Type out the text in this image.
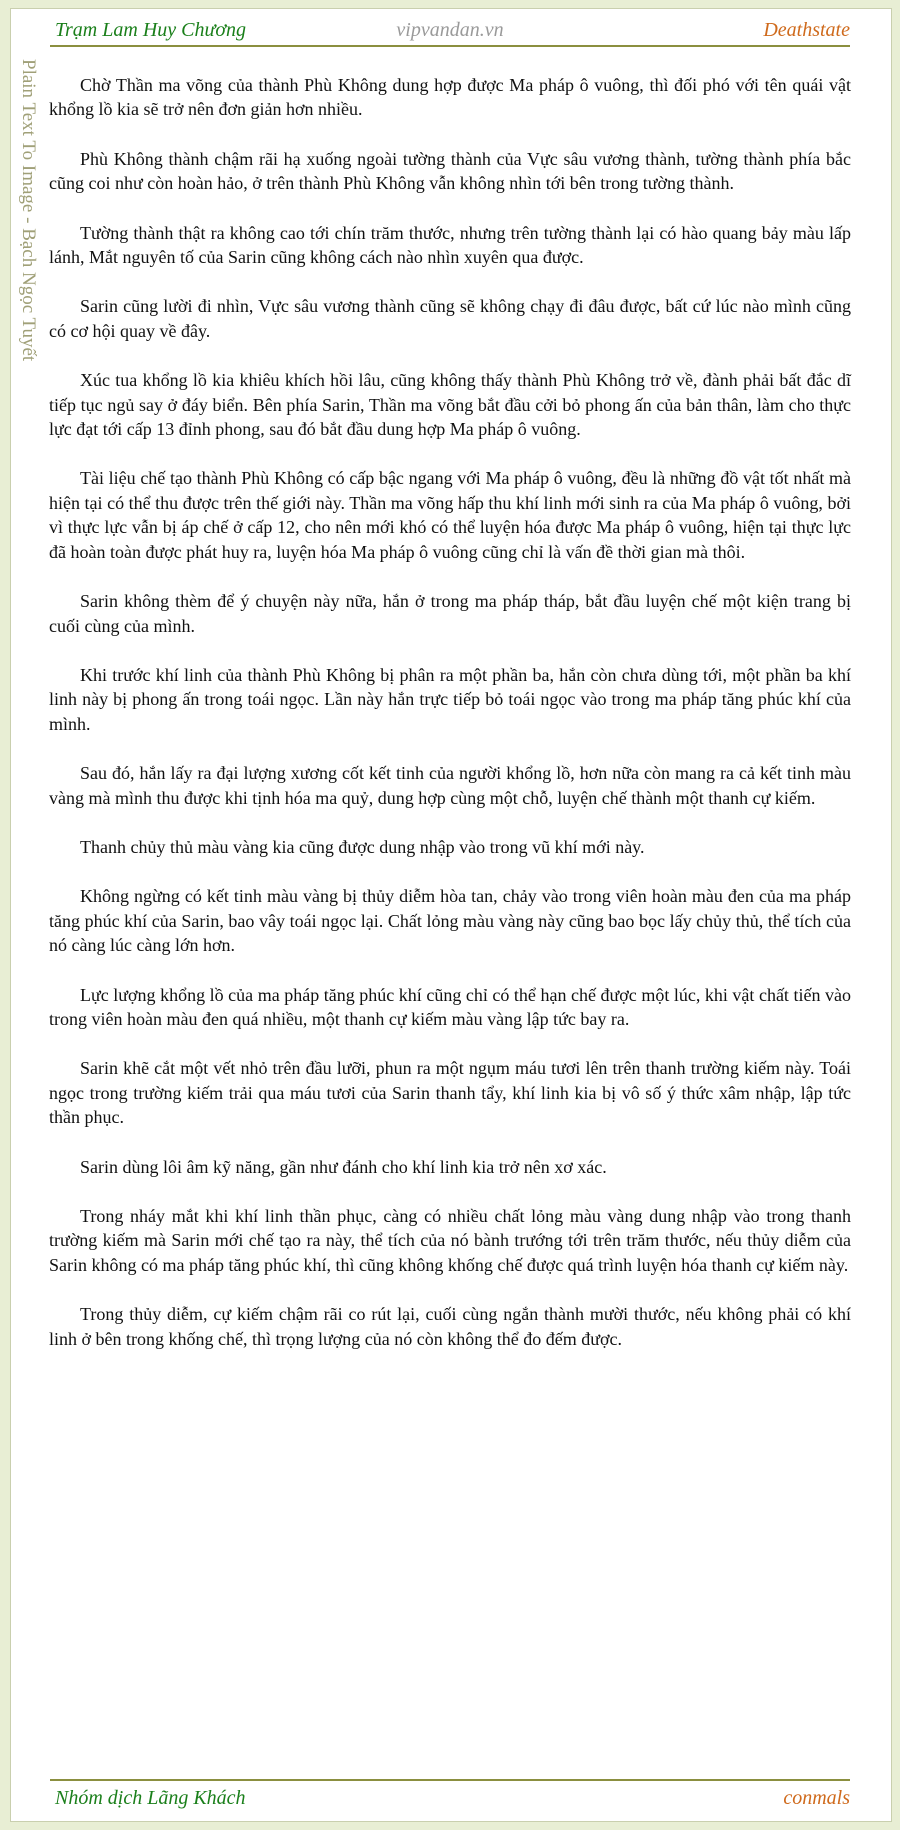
Trạm Lam Huy Chương	vipvandan.vn	Deathstate
Plain Text To Image - Bạch Ngọc Tuyết	Chờ Thần ma võng của thành Phù Không dung hợp được Ma pháp ô vuông, thì đối phó với tên quái vật khổng lồ kia sẽ trở nên đơn giản hơn nhiều.

Phù Không thành chậm rãi hạ xuống ngoài tường thành của Vực sâu vương thành, tường thành phía bắc cũng coi như còn hoàn hảo, ở trên thành Phù Không vẫn không nhìn tới bên trong tường thành.

Tường thành thật ra không cao tới chín trăm thước, nhưng trên tường thành lại có hào quang bảy màu lấp lánh, Mắt nguyên tố của Sarin cũng không cách nào nhìn xuyên qua được.

Sarin cũng lười đi nhìn, Vực sâu vương thành cũng sẽ không chạy đi đâu được, bất cứ lúc nào mình cũng có cơ hội quay về đây.

Xúc tua khổng lồ kia khiêu khích hồi lâu, cũng không thấy thành Phù Không trở về, đành phải bất đắc dĩ tiếp tục ngủ say ở đáy biển. Bên phía Sarin, Thần ma võng bắt đầu cởi bỏ phong ấn của bản thân, làm cho thực lực đạt tới cấp 13 đỉnh phong, sau đó bắt đầu dung hợp Ma pháp ô vuông.

Tài liệu chế tạo thành Phù Không có cấp bậc ngang với Ma pháp ô vuông, đều là những đồ vật tốt nhất mà hiện tại có thể thu được trên thế giới này. Thần ma võng hấp thu khí linh mới sinh ra của Ma pháp ô vuông, bởi vì thực lực vẫn bị áp chế ở cấp 12, cho nên mới khó có thể luyện hóa được Ma pháp ô vuông, hiện tại thực lực đã hoàn toàn được phát huy ra, luyện hóa Ma pháp ô vuông cũng chỉ là vấn đề thời gian mà thôi.

Sarin không thèm để ý chuyện này nữa, hắn ở trong ma pháp tháp, bắt đầu luyện chế một kiện trang bị cuối cùng của mình.

Khi trước khí linh của thành Phù Không bị phân ra một phần ba, hắn còn chưa dùng tới, một phần ba khí linh này bị phong ấn trong toái ngọc. Lần này hắn trực tiếp bỏ toái ngọc vào trong ma pháp tăng phúc khí của mình.

Sau đó, hắn lấy ra đại lượng xương cốt kết tinh của người khổng lồ, hơn nữa còn mang ra cả kết tinh màu vàng mà mình thu được khi tịnh hóa ma quỷ, dung hợp cùng một chỗ, luyện chế thành một thanh cự kiếm.

Thanh chủy thủ màu vàng kia cũng được dung nhập vào trong vũ khí mới này.

Không ngừng có kết tinh màu vàng bị thủy diễm hòa tan, chảy vào trong viên hoàn màu đen của ma pháp tăng phúc khí của Sarin, bao vây toái ngọc lại. Chất lỏng màu vàng này cũng bao bọc lấy chủy thủ, thể tích của nó càng lúc càng lớn hơn.

Lực lượng khổng lồ của ma pháp tăng phúc khí cũng chỉ có thể hạn chế được một lúc, khi vật chất tiến vào trong viên hoàn màu đen quá nhiều, một thanh cự kiếm màu vàng lập tức bay ra.

Sarin khẽ cắt một vết nhỏ trên đầu lưỡi, phun ra một ngụm máu tươi lên trên thanh trường kiếm này. Toái ngọc trong trường kiếm trải qua máu tươi của Sarin thanh tẩy, khí linh kia bị vô số ý thức xâm nhập, lập tức thần phục.

Sarin dùng lôi âm kỹ năng, gần như đánh cho khí linh kia trở nên xơ xác.

Trong nháy mắt khi khí linh thần phục, càng có nhiều chất lỏng màu vàng dung nhập vào trong thanh trường kiếm mà Sarin mới chế tạo ra này, thể tích của nó bành trướng tới trên trăm thước, nếu thủy diễm của Sarin không có ma pháp tăng phúc khí, thì cũng không khống chế được quá trình luyện hóa thanh cự kiếm này.

Trong thủy diễm, cự kiếm chậm rãi co rút lại, cuối cùng ngắn thành mười thước, nếu không phải có khí linh ở bên trong khống chế, thì trọng lượng của nó còn không thể đo đếm được.

Nhóm dịch Lãng Khách	conmals
